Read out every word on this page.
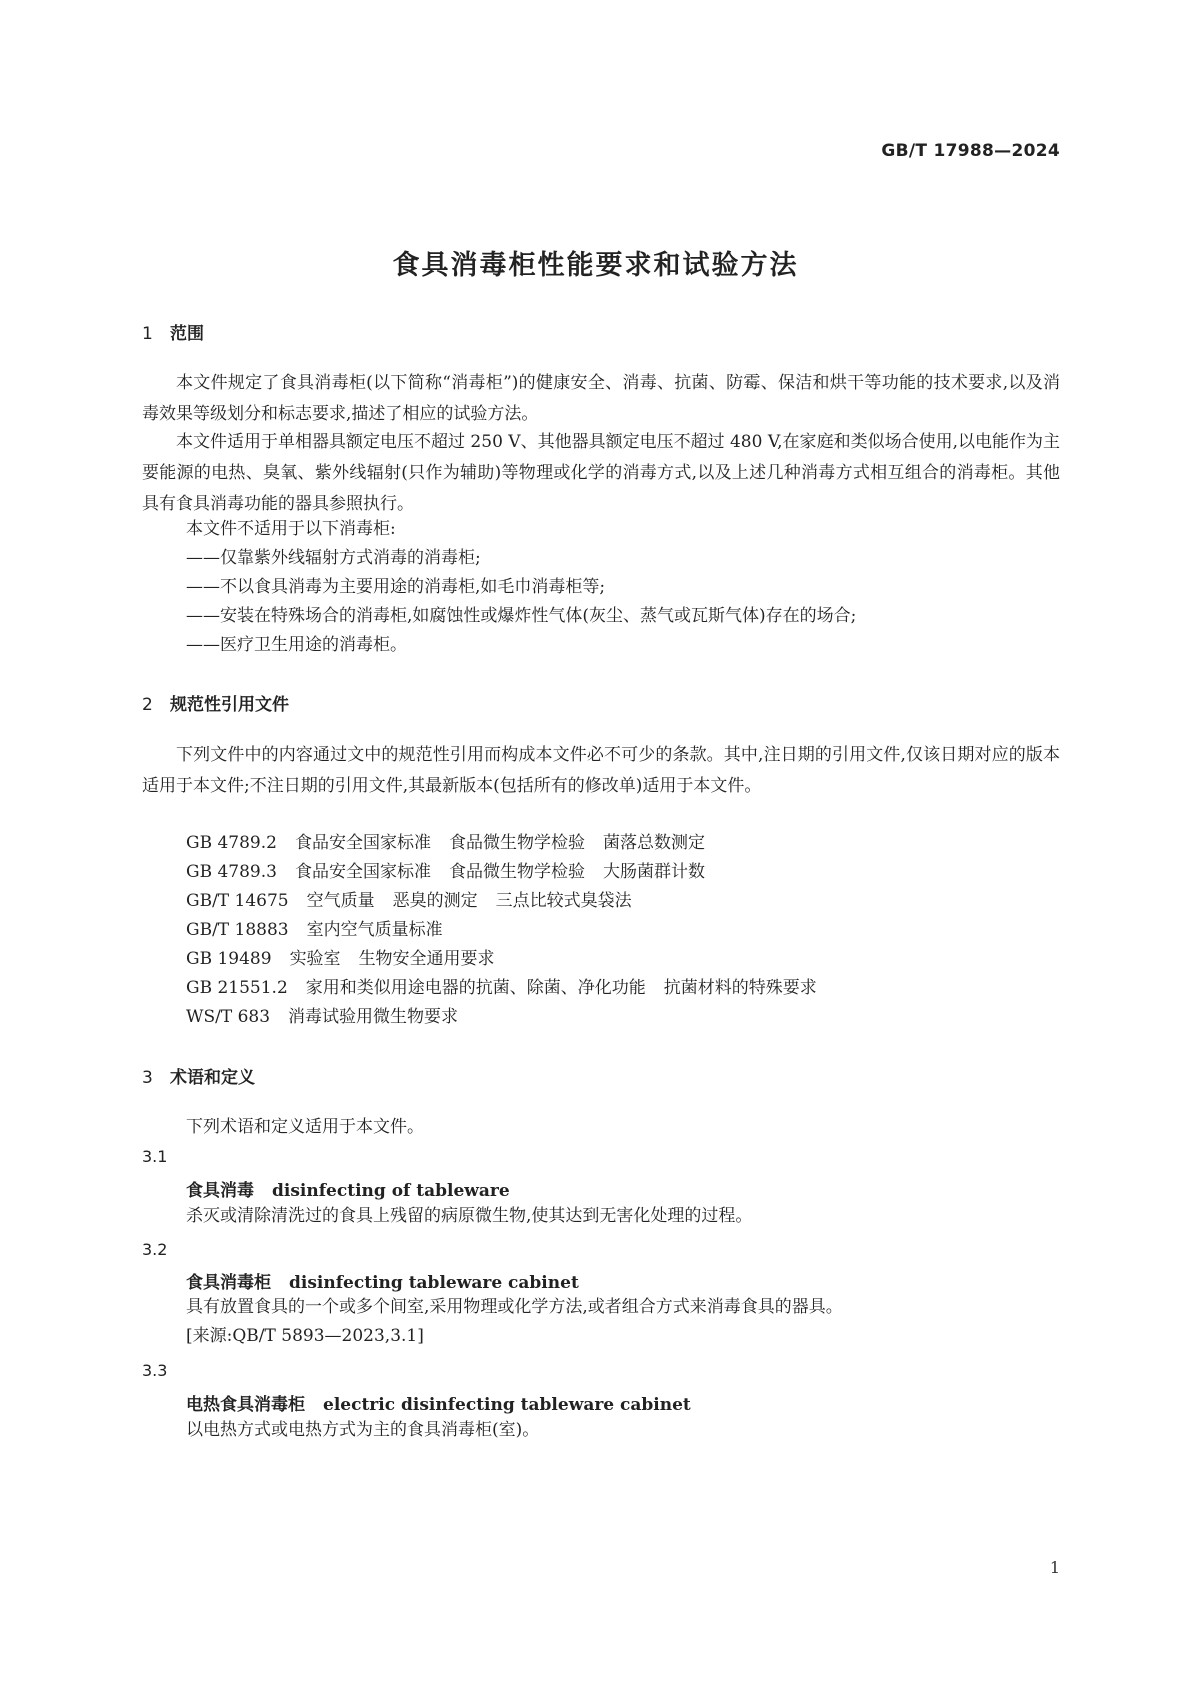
GB/T 17988—2024
食具消毒柜性能要求和试验方法
1 范围
本文件规定了食具消毒柜(以下简称“消毒柜”)的健康安全、消毒、抗菌、防霉、保洁和烘干等功能的技术要求,以及消毒效果等级划分和标志要求,描述了相应的试验方法。
本文件适用于单相器具额定电压不超过 250 V、其他器具额定电压不超过 480 V,在家庭和类似场合使用,以电能作为主要能源的电热、臭氧、紫外线辐射(只作为辅助)等物理或化学的消毒方式,以及上述几种消毒方式相互组合的消毒柜。其他具有食具消毒功能的器具参照执行。
本文件不适用于以下消毒柜:
——仅靠紫外线辐射方式消毒的消毒柜;
——不以食具消毒为主要用途的消毒柜,如毛巾消毒柜等;
——安装在特殊场合的消毒柜,如腐蚀性或爆炸性气体(灰尘、蒸气或瓦斯气体)存在的场合;
——医疗卫生用途的消毒柜。
2 规范性引用文件
下列文件中的内容通过文中的规范性引用而构成本文件必不可少的条款。其中,注日期的引用文件,仅该日期对应的版本适用于本文件;不注日期的引用文件,其最新版本(包括所有的修改单)适用于本文件。
GB 4789.2 食品安全国家标准 食品微生物学检验 菌落总数测定
GB 4789.3 食品安全国家标准 食品微生物学检验 大肠菌群计数
GB/T 14675 空气质量 恶臭的测定 三点比较式臭袋法
GB/T 18883 室内空气质量标准
GB 19489 实验室 生物安全通用要求
GB 21551.2 家用和类似用途电器的抗菌、除菌、净化功能 抗菌材料的特殊要求
WS/T 683 消毒试验用微生物要求
3 术语和定义
下列术语和定义适用于本文件。
3.1
食具消毒 disinfecting of tableware
杀灭或清除清洗过的食具上残留的病原微生物,使其达到无害化处理的过程。
3.2
食具消毒柜 disinfecting tableware cabinet
具有放置食具的一个或多个间室,采用物理或化学方法,或者组合方式来消毒食具的器具。
[来源:QB/T 5893—2023,3.1]
3.3
电热食具消毒柜 electric disinfecting tableware cabinet
以电热方式或电热方式为主的食具消毒柜(室)。
1
